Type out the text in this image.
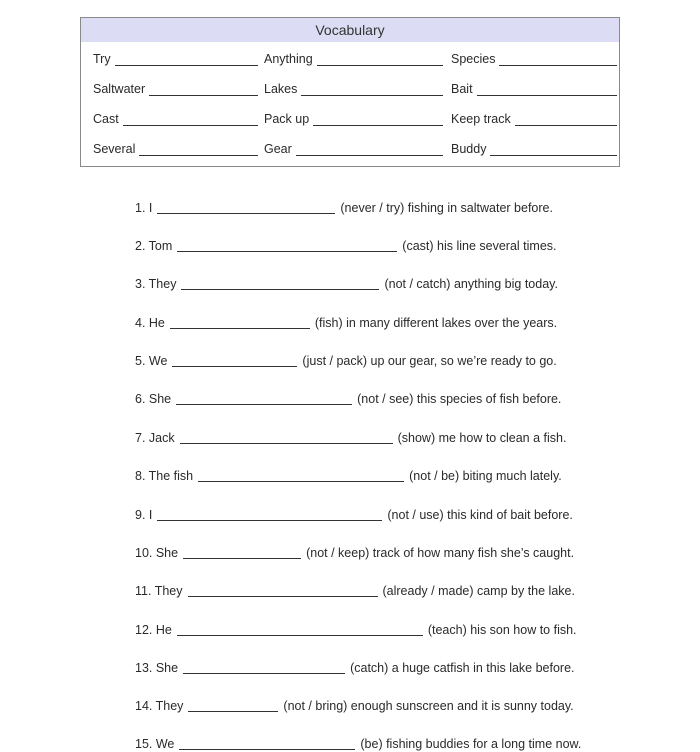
Vocabulary
Try	Anything	Species
Saltwater	Lakes	Bait
Cast	Pack up	Keep track
Several	Gear	Buddy
1. I	(never / try) fishing in saltwater before.
2. Tom	(cast) his line several times.
3. They	(not / catch) anything big today.
4. He	(fish) in many different lakes over the years.
5. We	(just / pack) up our gear, so we’re ready to go.
6. She	(not / see) this species of fish before.
7. Jack	(show) me how to clean a fish.
8. The fish	(not / be) biting much lately.
9. I	(not / use) this kind of bait before.
10. She	(not / keep) track of how many fish she’s caught.
11. They	(already / made) camp by the lake.
12. He	(teach) his son how to fish.
13. She	(catch) a huge catfish in this lake before.
14. They	(not / bring) enough sunscreen and it is sunny today.
15. We	(be) fishing buddies for a long time now.
